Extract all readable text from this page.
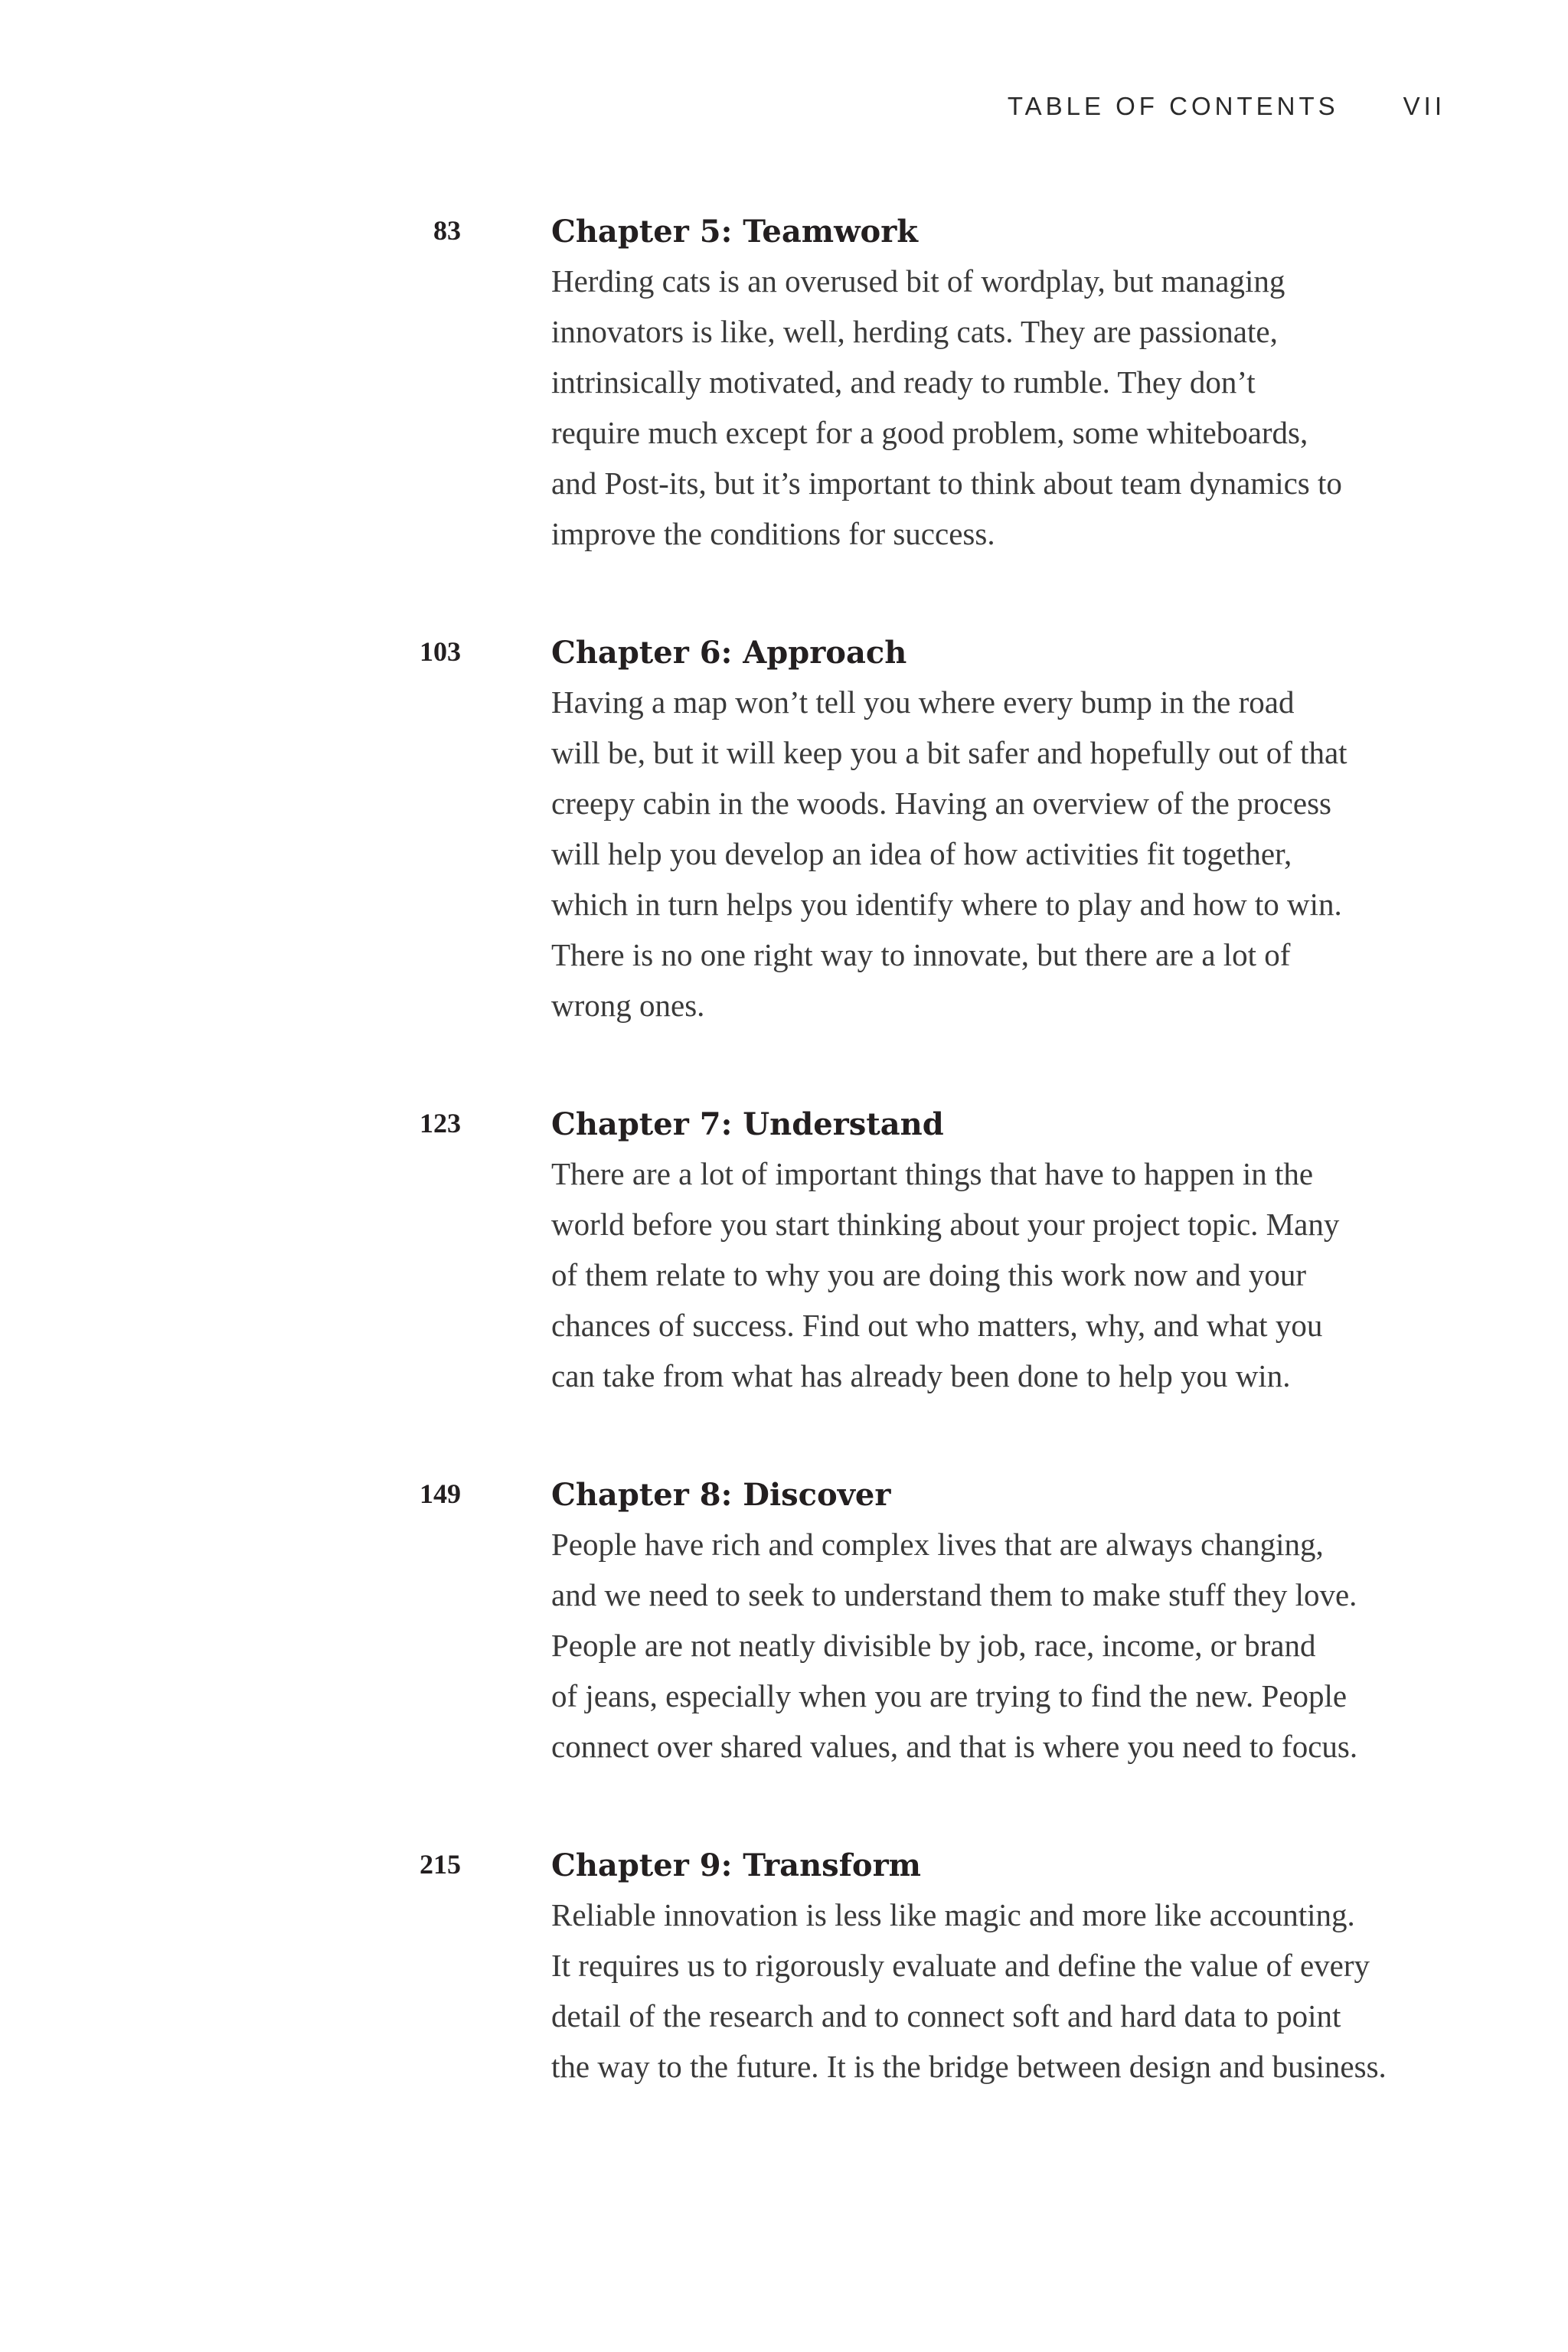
TABLE OF CONTENTS	VII
83	Chapter 5: Teamwork
Herding cats is an overused bit of wordplay, but managing
innovators is like, well, herding cats. They are passionate,
intrinsically motivated, and ready to rumble. They don’t
require much except for a good problem, some whiteboards,
and Post-its, but it’s important to think about team dynamics to
improve the conditions for success.
103	Chapter 6: Approach
Having a map won’t tell you where every bump in the road
will be, but it will keep you a bit safer and hopefully out of that
creepy cabin in the woods. Having an overview of the process
will help you develop an idea of how activities fit together,
which in turn helps you identify where to play and how to win.
There is no one right way to innovate, but there are a lot of
wrong ones.
123	Chapter 7: Understand
There are a lot of important things that have to happen in the
world before you start thinking about your project topic. Many
of them relate to why you are doing this work now and your
chances of success. Find out who matters, why, and what you
can take from what has already been done to help you win.
149	Chapter 8: Discover
People have rich and complex lives that are always changing,
and we need to seek to understand them to make stuff they love.
People are not neatly divisible by job, race, income, or brand
of jeans, especially when you are trying to find the new. People
connect over shared values, and that is where you need to focus.
215	Chapter 9: Transform
Reliable innovation is less like magic and more like accounting.
It requires us to rigorously evaluate and define the value of every
detail of the research and to connect soft and hard data to point
the way to the future. It is the bridge between design and business.
